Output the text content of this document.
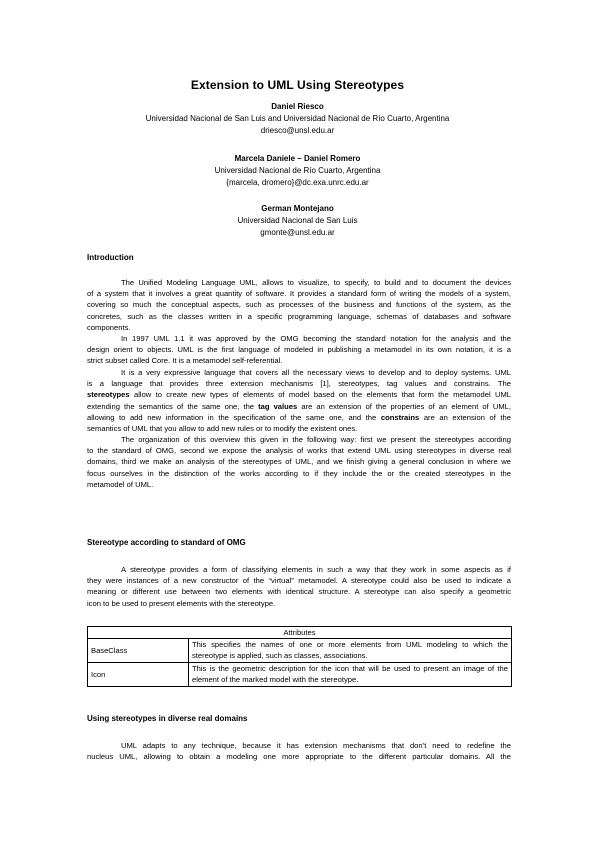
Extension to UML Using Stereotypes
Daniel Riesco
Universidad Nacional de San Luis and Universidad Nacional de Río Cuarto, Argentina
driesco@unsl.edu.ar
Marcela Daniele – Daniel Romero
Universidad Nacional de Río Cuarto, Argentina
{marcela, dromero}@dc.exa.unrc.edu.ar
German Montejano
Universidad Nacional de San Luis
gmonte@unsl.edu.ar
Introduction
The Unified Modeling Language UML, allows to visualize, to specify, to build and to document the devices
of a system that it involves a great quantity of software. It provides a standard form of writing the models of a system,
covering so much the conceptual aspects, such as processes of the business and functions of the system, as the
concretes, such as the classes written in a specific programming language, schemas of databases and software
components.
In 1997 UML 1.1 it was approved by the OMG becoming the standard notation for the analysis and the
design orient to objects. UML is the first language of modeled in publishing a metamodel in its own notation, it is a
strict subset called Core. It is a metamodel self-referential.
It is a very expressive language that covers all the necessary views to develop and to deploy systems. UML
is a language that provides three extension mechanisms [1], stereotypes, tag values and constrains. The
stereotypes allow to create new types of elements of model based on the elements that form the metamodel UML
extending the semantics of the same one, the tag values are an extension of the properties of an element of UML,
allowing to add new information in the specification of the same one, and the constrains are an extension of the
semantics of UML that you allow to add new rules or to modify the existent ones.
The organization of this overview this given in the following way: first we present the stereotypes according
to the standard of OMG, second we expose the analysis of works that extend UML using stereotypes in diverse real
domains, third we make an analysis of the stereotypes of UML, and we finish giving a general conclusion in where we
focus ourselves in the distinction of the works according to if they include the or the created stereotypes in the
metamodel of UML.
Stereotype according to standard of OMG
A stereotype provides a form of classifying elements in such a way that they work in some aspects as if
they were instances of a new constructor of the “virtual” metamodel. A stereotype could also be used to indicate a
meaning or different use between two elements with identical structure. A stereotype can also specify a geometric
icon to be used to present elements with the stereotype.
Attributes	
BaseClass	This specifies the names of one or more elements from UML modeling to which the
stereotype is applied, such as classes, associations.

Icon	This is the geometric description for the icon that will be used to present an image of the
element of the marked model with the stereotype.
Using stereotypes in diverse real domains
UML adapts to any technique, because it has extension mechanisms that don’t need to redefine the
nucleus UML, allowing to obtain a modeling one more appropriate to the different particular domains. All the
